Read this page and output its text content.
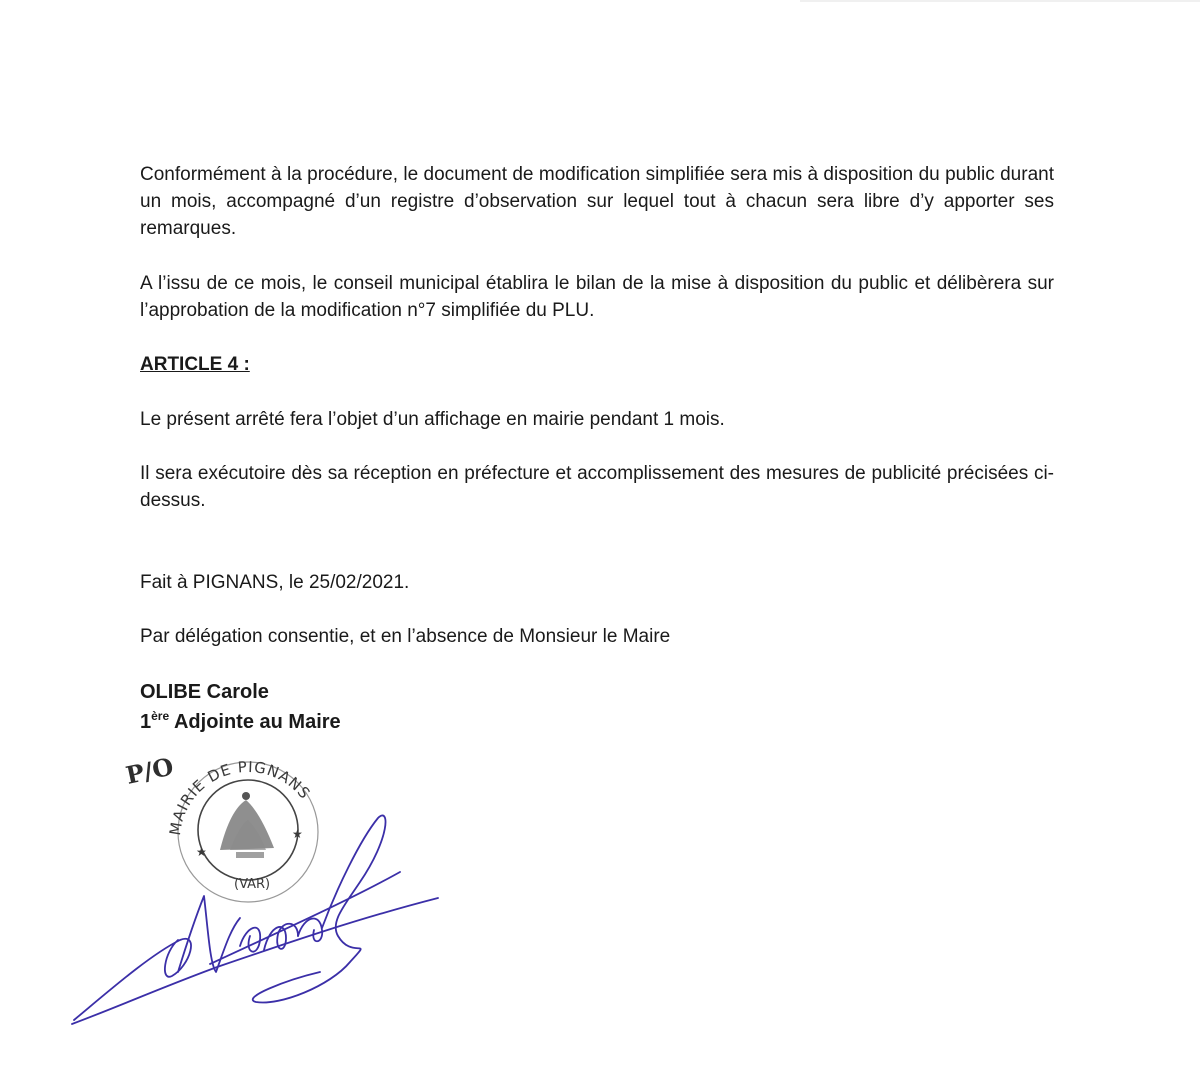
Conformément à la procédure, le document de modification simplifiée sera mis à disposition du public durant un mois, accompagné d’un registre d’observation sur lequel tout à chacun sera libre d’y apporter ses remarques.

A l’issu de ce mois, le conseil municipal établira le bilan de la mise à disposition du public et délibèrera sur l’approbation de la modification n°7 simplifiée du PLU.

ARTICLE 4 :

Le présent arrêté fera l’objet d’un affichage en mairie pendant 1 mois.

Il sera exécutoire dès sa réception en préfecture et accomplissement des mesures de publicité précisées ci-dessus.

Fait à PIGNANS, le 25/02/2021.

Par délégation consentie, et en l’absence de Monsieur le Maire

OLIBE Carole

1ère Adjointe au Maire

P/O
MAIRIE DE PIGNANS
(VAR)
★
★
